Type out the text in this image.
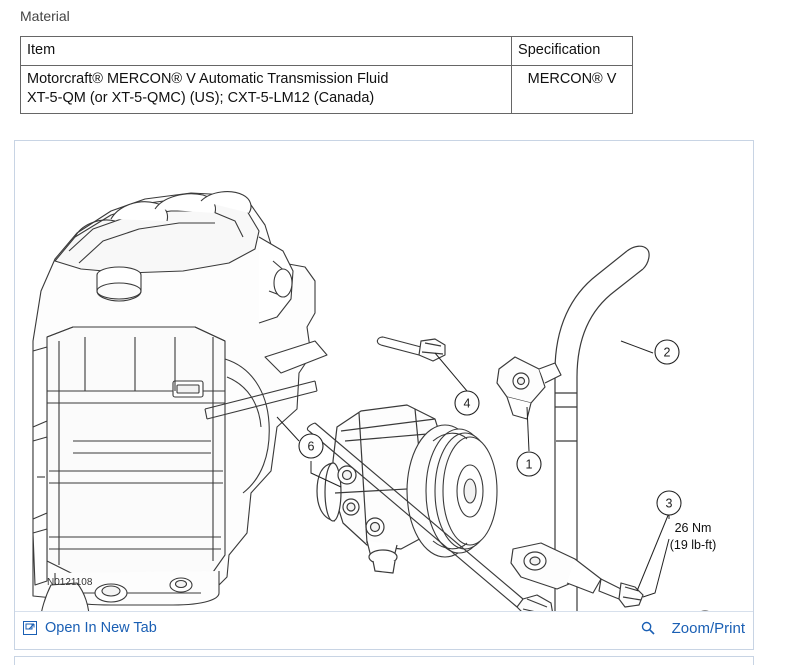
Material
Item	Specification

Motorcraft® MERCON® V Automatic Transmission Fluid
XT-5-QM (or XT-5-QMC) (US); CXT-5-LM12 (Canada)	MERCON® V
1
2
3
4
6
26 Nm
(19 lb-ft)
N0121108
Open In New Tab	Zoom/Print
